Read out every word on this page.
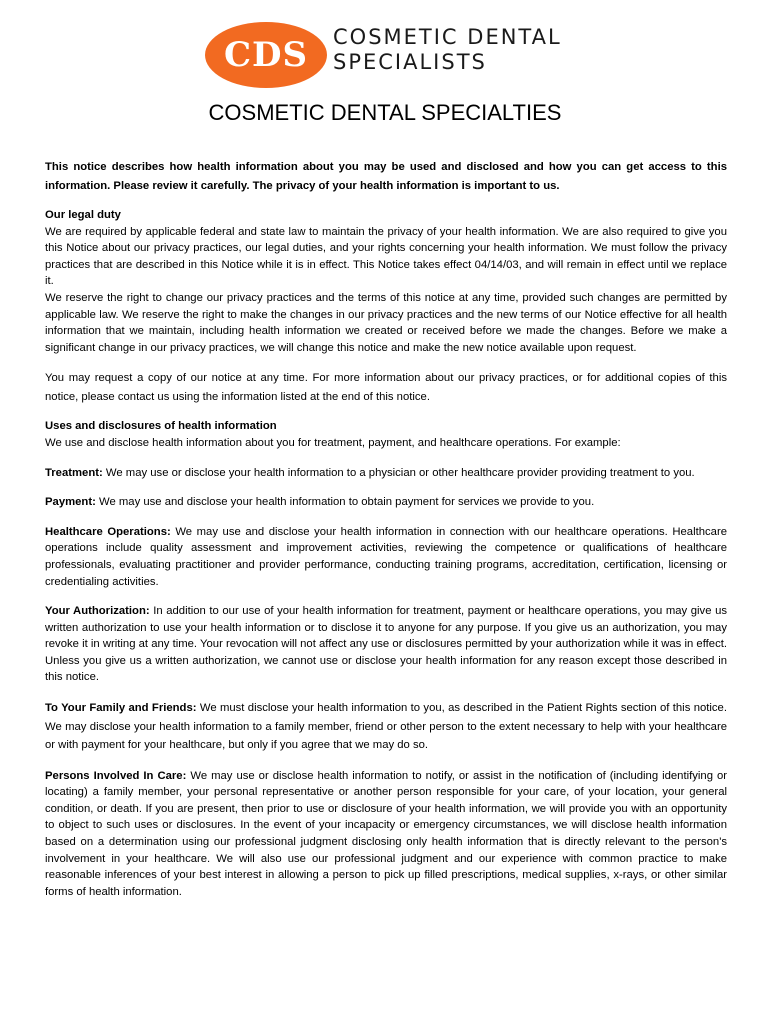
CDS COSMETIC DENTAL
SPECIALISTS
COSMETIC DENTAL SPECIALTIES

This notice describes how health information about you may be used and disclosed and how you can get access to this information. Please review it carefully. The privacy of your health information is important to us.

Our legal duty

We are required by applicable federal and state law to maintain the privacy of your health information. We are also required to give you this Notice about our privacy practices, our legal duties, and your rights concerning your health information. We must follow the privacy practices that are described in this Notice while it is in effect. This Notice takes effect 04/14/03, and will remain in effect until we replace it.

We reserve the right to change our privacy practices and the terms of this notice at any time, provided such changes are permitted by applicable law. We reserve the right to make the changes in our privacy practices and the new terms of our Notice effective for all health information that we maintain, including health information we created or received before we made the changes. Before we make a significant change in our privacy practices, we will change this notice and make the new notice available upon request.

You may request a copy of our notice at any time. For more information about our privacy practices, or for additional copies of this notice, please contact us using the information listed at the end of this notice.

Uses and disclosures of health information

We use and disclose health information about you for treatment, payment, and healthcare operations. For example:

Treatment: We may use or disclose your health information to a physician or other healthcare provider providing treatment to you.

Payment: We may use and disclose your health information to obtain payment for services we provide to you.

Healthcare Operations: We may use and disclose your health information in connection with our healthcare operations. Healthcare operations include quality assessment and improvement activities, reviewing the competence or qualifications of healthcare professionals, evaluating practitioner and provider performance, conducting training programs, accreditation, certification, licensing or credentialing activities.

Your Authorization: In addition to our use of your health information for treatment, payment or healthcare operations, you may give us written authorization to use your health information or to disclose it to anyone for any purpose. If you give us an authorization, you may revoke it in writing at any time. Your revocation will not affect any use or disclosures permitted by your authorization while it was in effect. Unless you give us a written authorization, we cannot use or disclose your health information for any reason except those described in this notice.

To Your Family and Friends: We must disclose your health information to you, as described in the Patient Rights section of this notice. We may disclose your health information to a family member, friend or other person to the extent necessary to help with your healthcare or with payment for your healthcare, but only if you agree that we may do so.

Persons Involved In Care: We may use or disclose health information to notify, or assist in the notification of (including identifying or locating) a family member, your personal representative or another person responsible for your care, of your location, your general condition, or death. If you are present, then prior to use or disclosure of your health information, we will provide you with an opportunity to object to such uses or disclosures. In the event of your incapacity or emergency circumstances, we will disclose health information based on a determination using our professional judgment disclosing only health information that is directly relevant to the person's involvement in your healthcare. We will also use our professional judgment and our experience with common practice to make reasonable inferences of your best interest in allowing a person to pick up filled prescriptions, medical supplies, x-rays, or other similar forms of health information.
